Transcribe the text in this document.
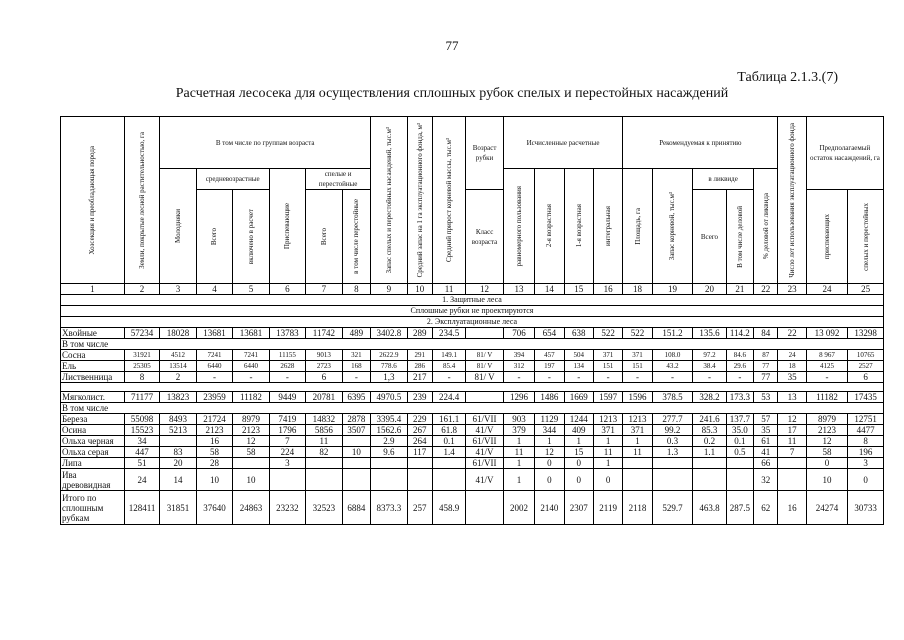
77
Таблица 2.1.3.(7)
Расчетная лесосека для осуществления сплошных рубок спелых и перестойных насаждений
Хозсекция и преобладающая порода	Земли, покрытые лесной растительностью, га	В том числе по группам возраста						Запас спелых и перестойных насаждений, тыс.м³	Средний запас на 1 га эксплуатационного фонда, м³	Средний прирост корневой массы, тыс.м³	Возраст рубки	Исчисленные расчетные				Рекомендуемая к принятию					Число лет использования эксплуатационного фонда	Предполагаемый остаток насаждений, га	

		Молодняки	средневозрастные		Приспевающие	спелые и перестойные						равномерного пользования	2-я возрастная	1-я возрастная	интегральная	Площадь, га	Запас корневой, тыс.м³	в ликвиде		% деловой от ликвида			

			Всего	включено в расчет		Всего	в том числе перестойные				Класс возраста							Всего	В том числе деловой			приспевающих	спелых и перестойных

1	2	3	4	5	6	7	8	9	10	11	12	13	14	15	16	18	19	20	21	22	23	24	25
1. Защитные леса																							
Сплошные рубки не проектируются																							
2. Эксплуатационные леса																							
Хвойные	57234	18028	13681	13681	13783	11742	489	3402.8	289	234.5		706	654	638	522	522	151.2	135.6	114.2	84	22	13 092	13298
В том числе																							
Сосна	31921	4512	7241	7241	11155	9013	321	2622.9	291	149.1	81/ V	394	457	504	371	371	108.0	97.2	84.6	87	24	8 967	10765
Ель	25305	13514	6440	6440	2628	2723	168	778.6	286	85.4	81/ V	312	197	134	151	151	43.2	38.4	29.6	77	18	4125	2527
Лиственница	8	2	-	-	-	6	-	1,3	217	-	81/ V	-	-	-	-	-	-	-	-	77	35	-	6

Мягколист.	71177	13823	23959	11182	9449	20781	6395	4970.5	239	224.4		1296	1486	1669	1597	1596	378.5	328.2	173.3	53	13	11182	17435
В том числе																							
Береза	55098	8493	21724	8979	7419	14832	2878	3395.4	229	161.1	61/VII	903	1129	1244	1213	1213	277.7	241.6	137.7	57	12	8979	12751
Осина	15523	5213	2123	2123	1796	5856	3507	1562.6	267	61.8	41/V	379	344	409	371	371	99.2	85.3	35.0	35	17	2123	4477
Ольха черная	34		16	12	7	11		2.9	264	0.1	61/VII	1	1	1	1	1	0.3	0.2	0.1	61	11	12	8
Ольха серая	447	83	58	58	224	82	10	9.6	117	1.4	41/V	11	12	15	11	11	1.3	1.1	0.5	41	7	58	196
Липа	51	20	28		3						61/VII	1	0	0	1					66		0	3
Ива древовидная	24	14	10	10							41/V	1	0	0	0					32		10	0
Итого по сплошным рубкам	128411	31851	37640	24863	23232	32523	6884	8373.3	257	458.9		2002	2140	2307	2119	2118	529.7	463.8	287.5	62	16	24274	30733
